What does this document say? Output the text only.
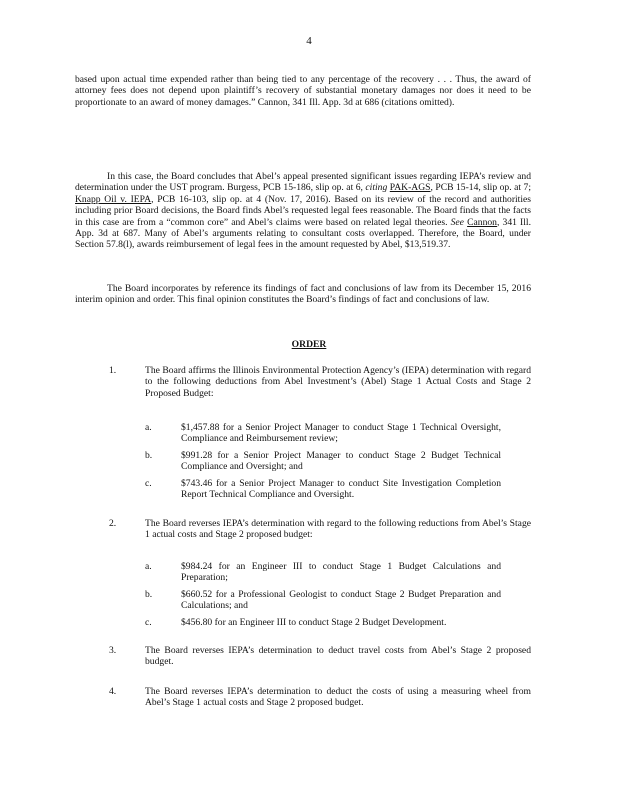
4
based upon actual time expended rather than being tied to any percentage of the recovery . . . Thus, the award of attorney fees does not depend upon plaintiff’s recovery of substantial monetary damages nor does it need to be proportionate to an award of money damages.” Cannon, 341 Ill. App. 3d at 686 (citations omitted).
In this case, the Board concludes that Abel’s appeal presented significant issues regarding IEPA’s review and determination under the UST program. Burgess, PCB 15-186, slip op. at 6, citing PAK-AGS, PCB 15-14, slip op. at 7; Knapp Oil v. IEPA, PCB 16-103, slip op. at 4 (Nov. 17, 2016). Based on its review of the record and authorities including prior Board decisions, the Board finds Abel’s requested legal fees reasonable. The Board finds that the facts in this case are from a “common core” and Abel’s claims were based on related legal theories. See Cannon, 341 Ill. App. 3d at 687. Many of Abel’s arguments relating to consultant costs overlapped. Therefore, the Board, under Section 57.8(l), awards reimbursement of legal fees in the amount requested by Abel, $13,519.37.
The Board incorporates by reference its findings of fact and conclusions of law from its December 15, 2016 interim opinion and order. This final opinion constitutes the Board’s findings of fact and conclusions of law.
ORDER
1.	The Board affirms the Illinois Environmental Protection Agency’s (IEPA) determination with regard to the following deductions from Abel Investment’s (Abel) Stage 1 Actual Costs and Stage 2 Proposed Budget:
a.	$1,457.88 for a Senior Project Manager to conduct Stage 1 Technical Oversight, Compliance and Reimbursement review;
b.	$991.28 for a Senior Project Manager to conduct Stage 2 Budget Technical Compliance and Oversight; and
c.	$743.46 for a Senior Project Manager to conduct Site Investigation Completion Report Technical Compliance and Oversight.
2.	The Board reverses IEPA’s determination with regard to the following reductions from Abel’s Stage 1 actual costs and Stage 2 proposed budget:
a.	$984.24 for an Engineer III to conduct Stage 1 Budget Calculations and Preparation;
b.	$660.52 for a Professional Geologist to conduct Stage 2 Budget Preparation and Calculations; and
c.	$456.80 for an Engineer III to conduct Stage 2 Budget Development.
3.	The Board reverses IEPA’s determination to deduct travel costs from Abel’s Stage 2 proposed budget.
4.	The Board reverses IEPA’s determination to deduct the costs of using a measuring wheel from Abel’s Stage 1 actual costs and Stage 2 proposed budget.
